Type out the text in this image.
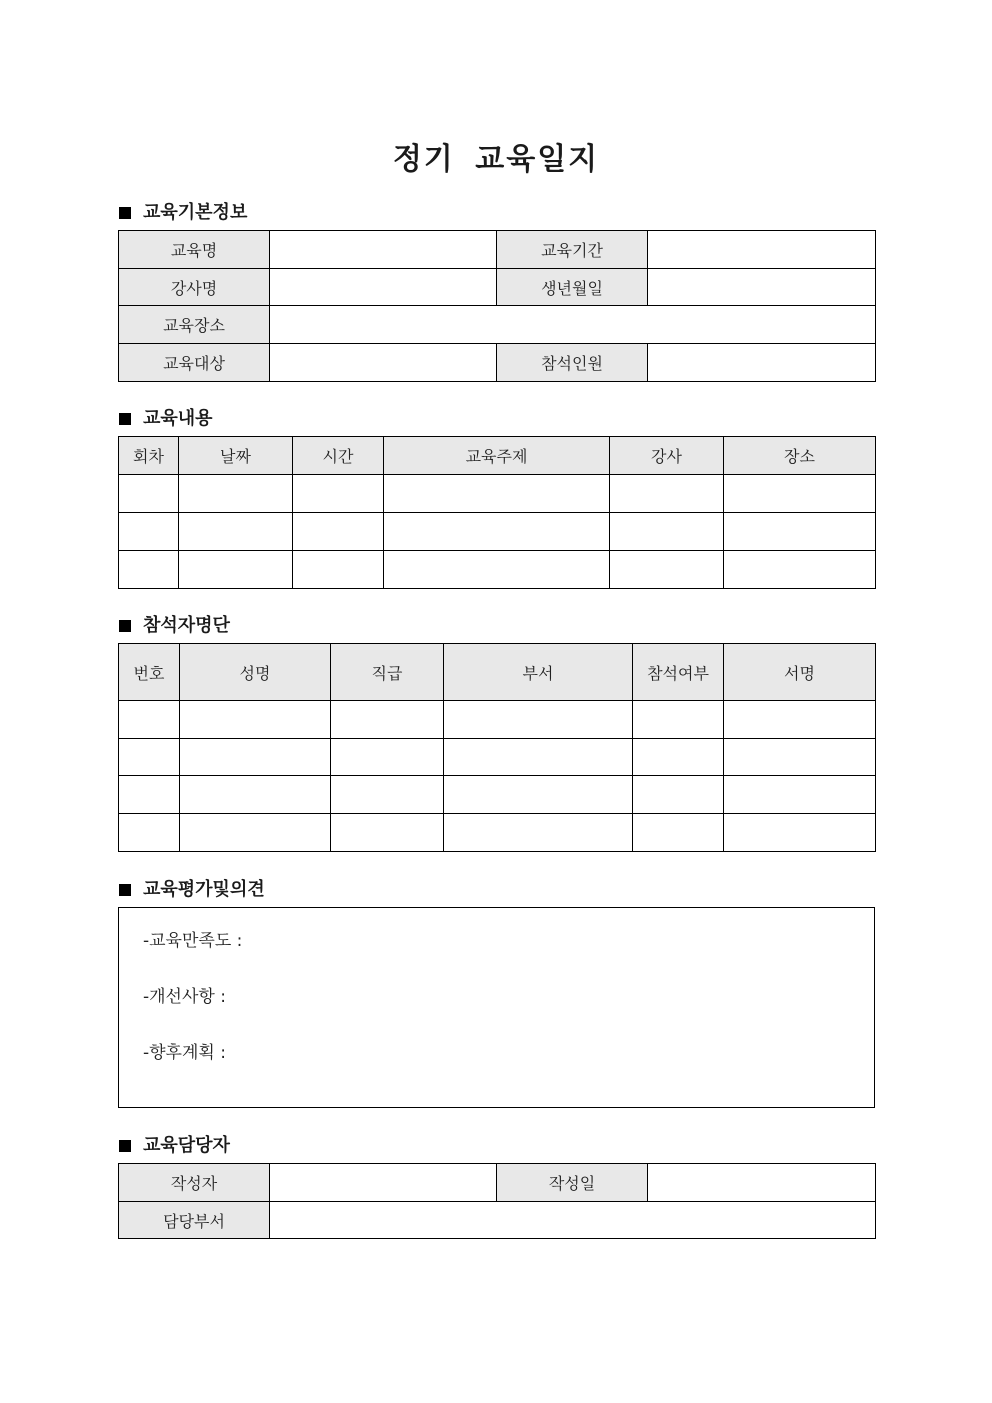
정기 교육일지
교육기본정보
교육명		교육기간	
강사명		생년월일	
교육장소			
교육대상		참석인원	
교육내용
회차	날짜	시간	교육주제	강사	장소

참석자명단
번호	성명	직급	부서	참석여부	서명

교육평가및의견
-교육만족도 :
-개선사항 :
-향후계획 :
교육담당자
작성자		작성일	
담당부서			
